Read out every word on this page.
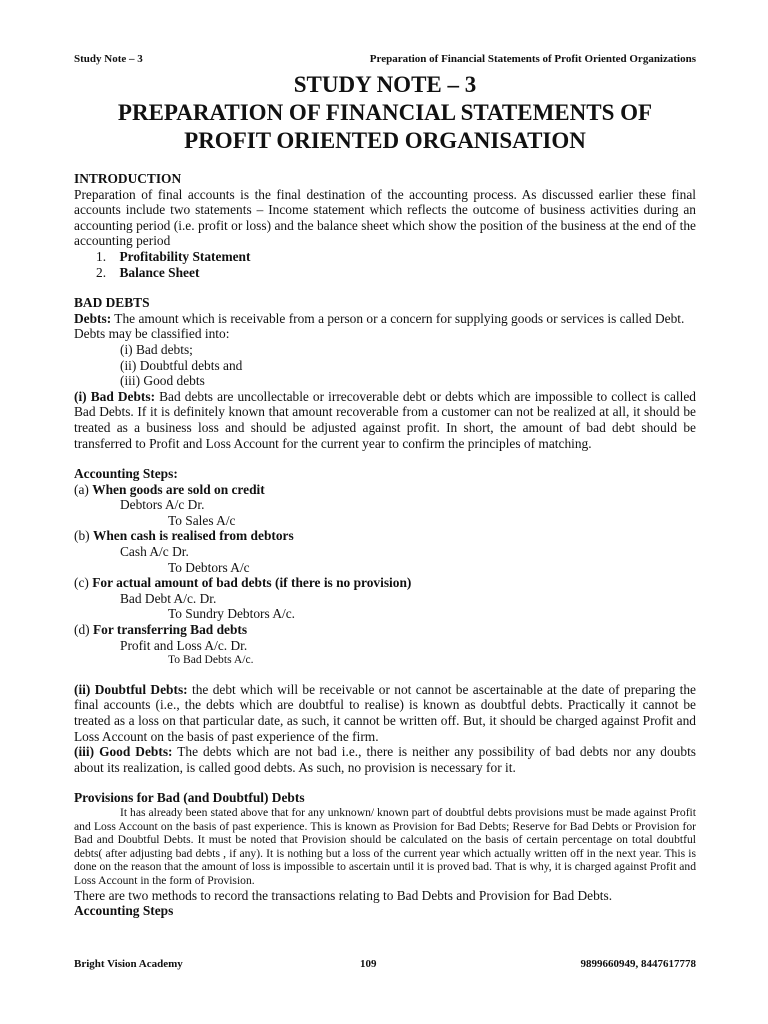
Study Note – 3	Preparation of Financial Statements of Profit Oriented Organizations
STUDY NOTE – 3
PREPARATION OF FINANCIAL STATEMENTS OF
PROFIT ORIENTED ORGANISATION

INTRODUCTION

Preparation of final accounts is the final destination of the accounting process. As discussed earlier these final accounts include two statements – Income statement which reflects the outcome of business activities during an accounting period (i.e. profit or loss) and the balance sheet which show the position of the business at the end of the accounting period

1. Profitability Statement

2. Balance Sheet

BAD DEBTS

Debts: The amount which is receivable from a person or a concern for supplying goods or services is called Debt.

Debts may be classified into:

(i) Bad debts;

(ii) Doubtful debts and

(iii) Good debts

(i) Bad Debts: Bad debts are uncollectable or irrecoverable debt or debts which are impossible to collect is called Bad Debts. If it is definitely known that amount recoverable from a customer can not be realized at all, it should be treated as a business loss and should be adjusted against profit. In short, the amount of bad debt should be transferred to Profit and Loss Account for the current year to confirm the principles of matching.

Accounting Steps:

(a) When goods are sold on credit

Debtors A/c Dr.

To Sales A/c

(b) When cash is realised from debtors

Cash A/c Dr.

To Debtors A/c

(c) For actual amount of bad debts (if there is no provision)

Bad Debt A/c. Dr.

To Sundry Debtors A/c.

(d) For transferring Bad debts

Profit and Loss A/c. Dr.

To Bad Debts A/c.

(ii) Doubtful Debts: the debt which will be receivable or not cannot be ascertainable at the date of preparing the final accounts (i.e., the debts which are doubtful to realise) is known as doubtful debts. Practically it cannot be treated as a loss on that particular date, as such, it cannot be written off. But, it should be charged against Profit and Loss Account on the basis of past experience of the firm.

(iii) Good Debts: The debts which are not bad i.e., there is neither any possibility of bad debts nor any doubts about its realization, is called good debts. As such, no provision is necessary for it.

Provisions for Bad (and Doubtful) Debts

It has already been stated above that for any unknown/ known part of doubtful debts provisions must be made against Profit and Loss Account on the basis of past experience. This is known as Provision for Bad Debts; Reserve for Bad Debts or Provision for Bad and Doubtful Debts. It must be noted that Provision should be calculated on the basis of certain percentage on total doubtful debts( after adjusting bad debts , if any). It is nothing but a loss of the current year which actually written off in the next year. This is done on the reason that the amount of loss is impossible to ascertain until it is proved bad. That is why, it is charged against Profit and Loss Account in the form of Provision.

There are two methods to record the transactions relating to Bad Debts and Provision for Bad Debts.

Accounting Steps

Bright Vision Academy	109	9899660949, 8447617778
